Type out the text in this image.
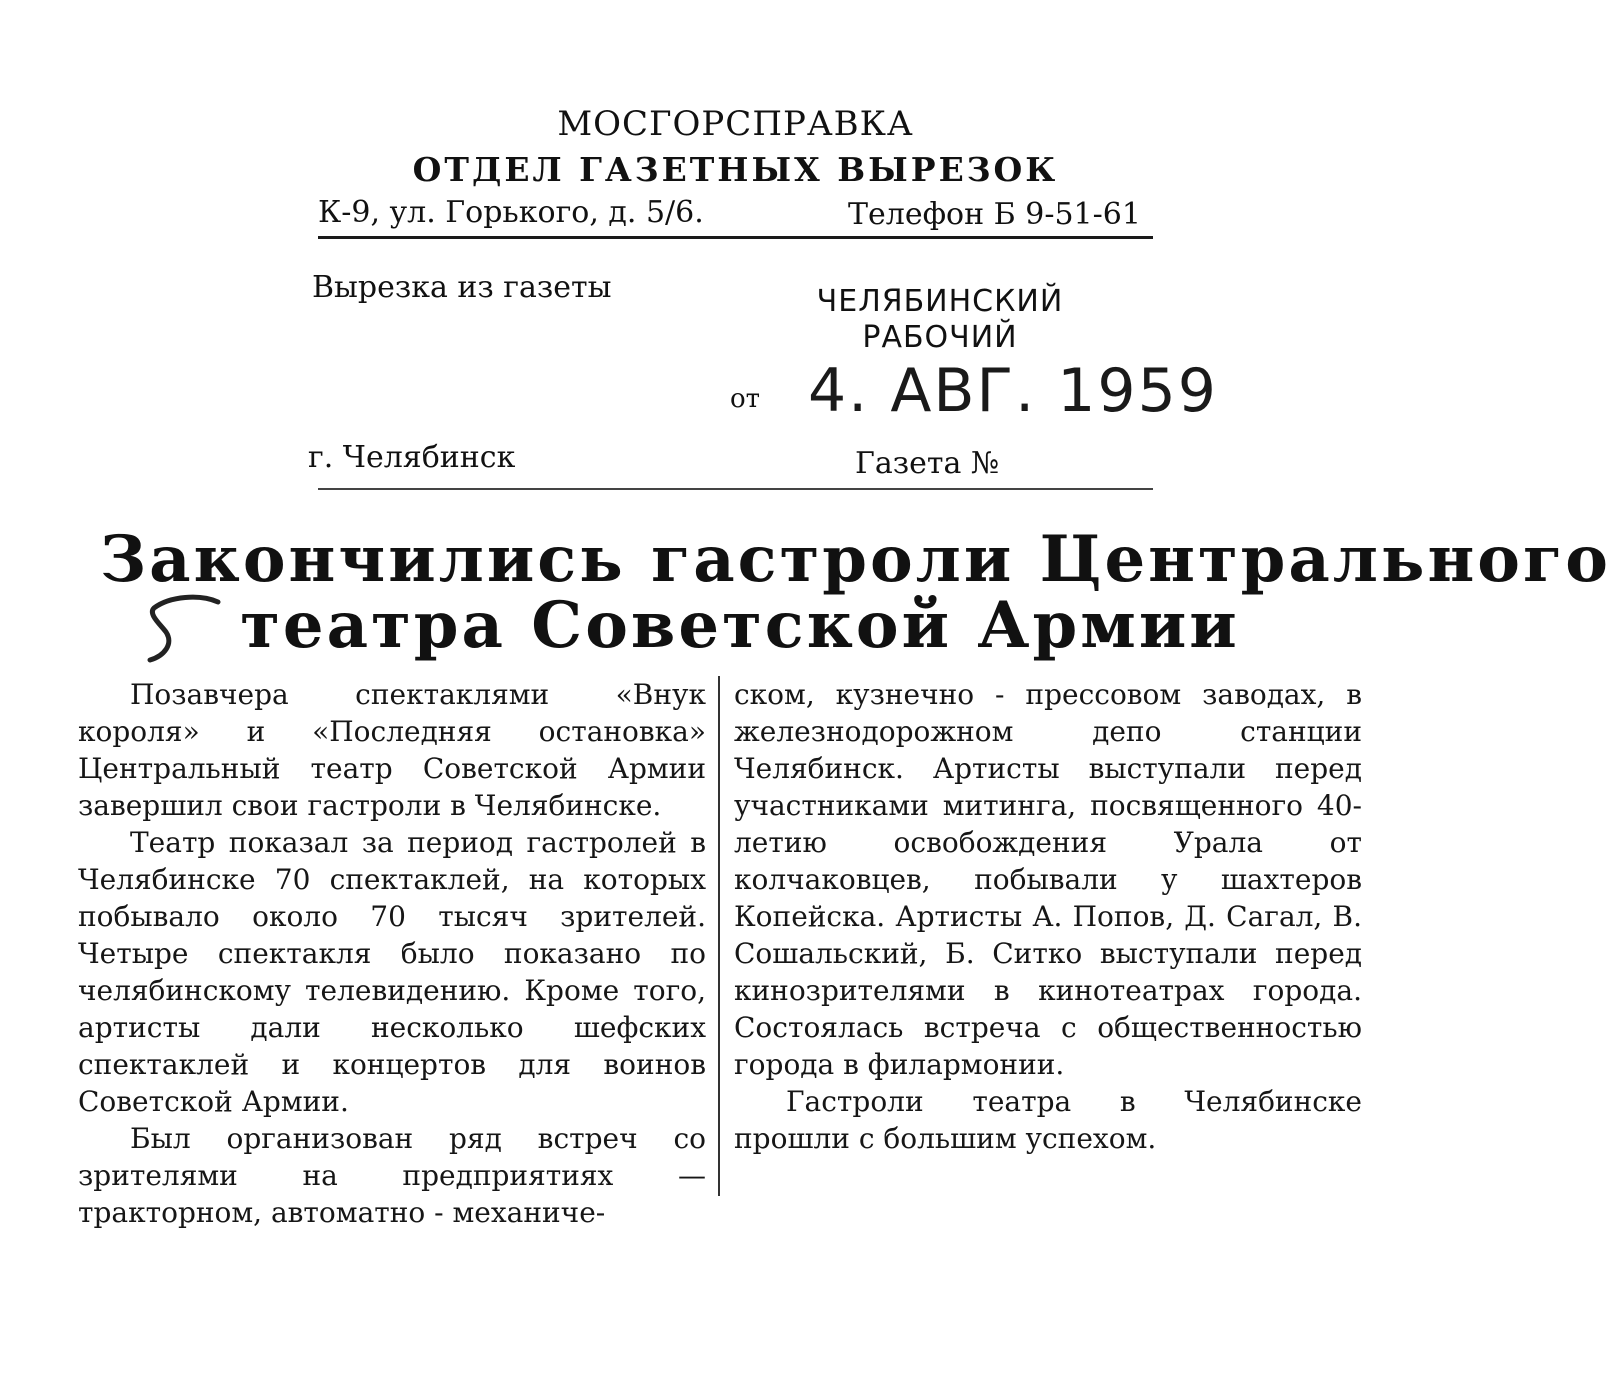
МОСГОРСПРАВКА
ОТДЕЛ ГАЗЕТНЫХ ВЫРЕЗОК
К-9, ул. Горького, д. 5/6.	Телефон Б 9-51-61
Вырезка из газеты	ЧЕЛЯБИНСКИЙ
РАБОЧИЙ
от 4. АВГ. 1959
г. Челябинск	Газета №
Закончились гастроли Центрального
театра Советской Армии

Позавчера спектаклями «Внук короля» и «Последняя остановка» Центральный театр Советской Армии завершил свои гастроли в Челябинске.

Театр показал за период гастролей в Челябинске 70 спектаклей, на которых побывало около 70 тысяч зрителей. Четыре спектакля было показано по челябинскому телевидению. Кроме того, артисты дали несколько шефских спектаклей и концертов для воинов Советской Армии.

Был организован ряд встреч со зрителями на предприятиях — тракторном, автоматно - механиче-

ском, кузнечно - прессовом заводах, в железнодорожном депо станции Челябинск. Артисты выступали перед участниками митинга, посвященного 40-летию освобождения Урала от колчаковцев, побывали у шахтеров Копейска. Артисты А. Попов, Д. Сагал, В. Сошальский, Б. Ситко выступали перед кинозрителями в кинотеатрах города. Состоялась встреча с общественностью города в филармонии.

Гастроли театра в Челябинске прошли с большим успехом.
